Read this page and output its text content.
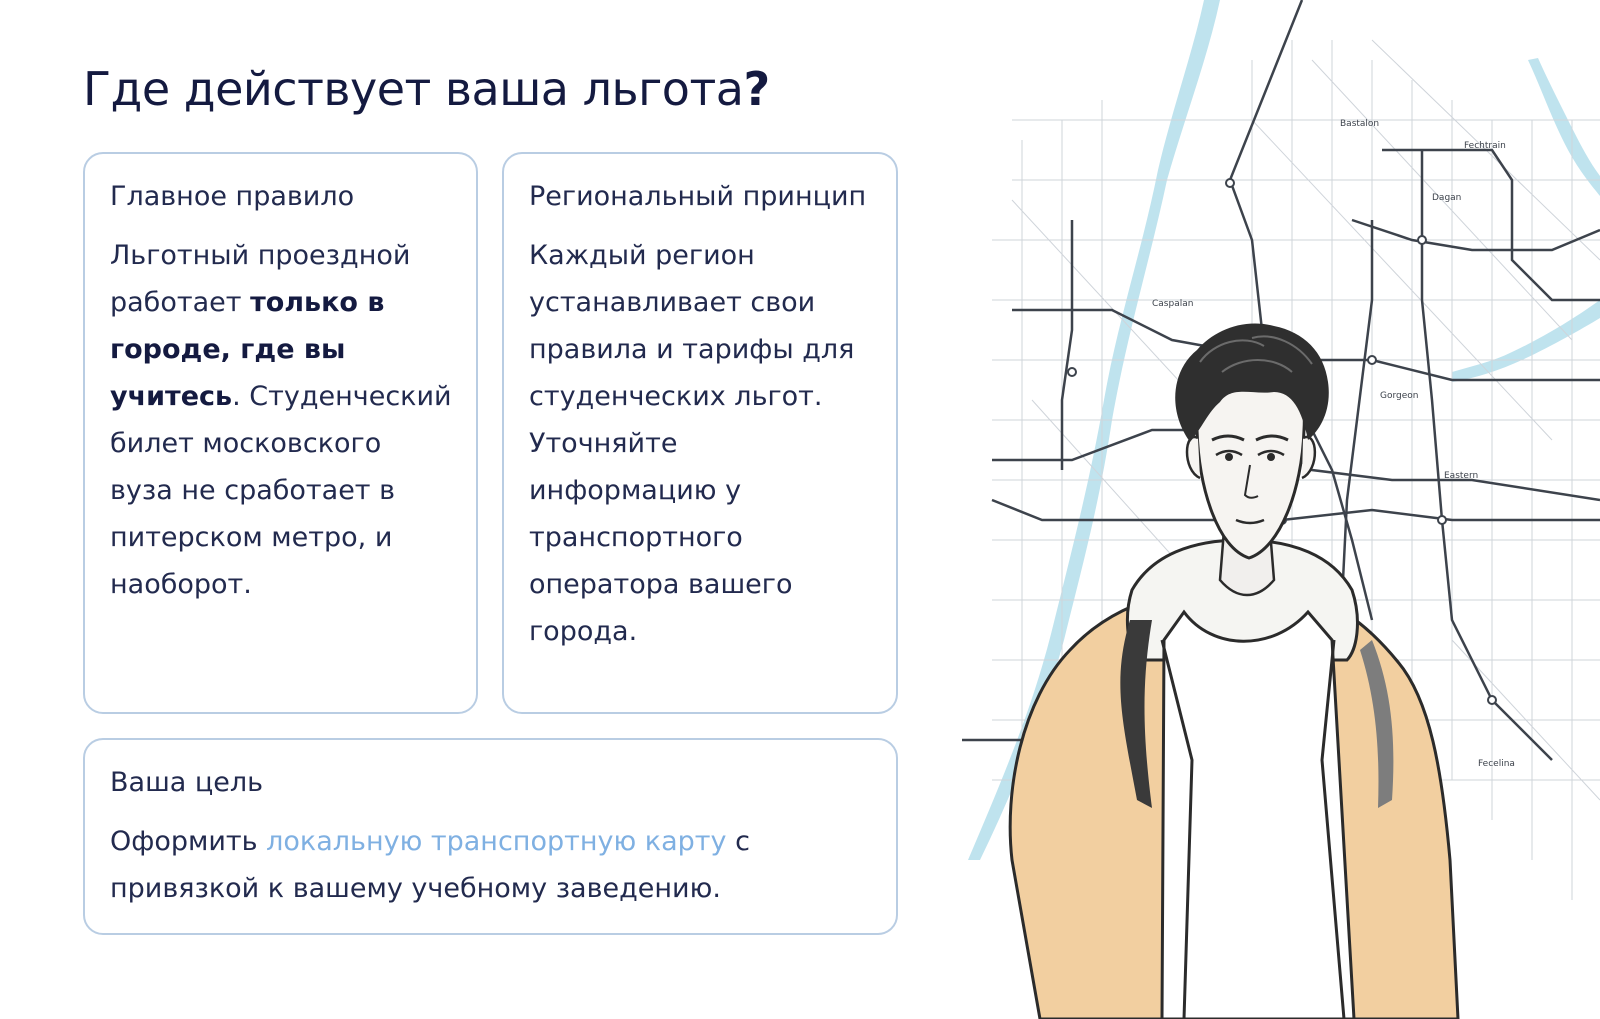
Где действует ваша льгота?
Главное правило

Льготный проездной работает только в городе, где вы учитесь. Студенческий билет московского вуза не сработает в питерском метро, и наоборот.

Региональный принцип

Каждый регион устанавливает свои правила и тарифы для студенческих льгот. Уточняйте информацию у транспортного оператора вашего города.

Ваша цель

Оформить локальную транспортную карту с привязкой к вашему учебному заведению.

Bastalon
Fechtrain
Dagan
Caspalan
Gorgeon
Eastern
Fecelina
